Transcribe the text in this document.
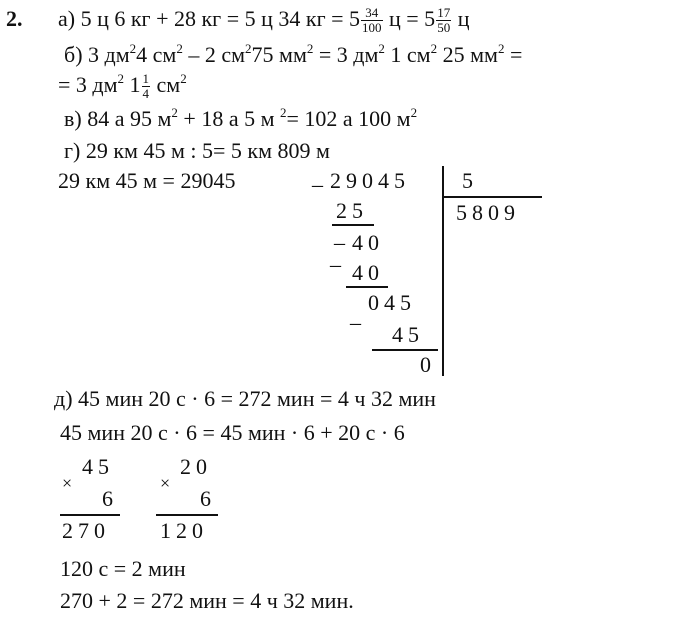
2. а) 5 ц 6 кг + 28 кг = 5 ц 34 кг = $5 \frac{34}{100}$ $ц = 5 \frac{17}{50}$ ц
б) 3 $дм^24$ $см^2 - 2$ $см^275$ $мм^2 = 3$ $дм^2$ 1 $см^2$ 25 $мм^2$ =
= 3 $дм^2$ $1 \frac{1}{4} см^2$
в) 84 а 95 $м^2 + 18$ а 5 м $^2$= 102 а 100 $м^2$
г) 29 км 45 м : 5= 5 км 809 м
29 км 45 м = 29045	_ 29045 5
5809
25
_ 40
_
40
_ 045
45
0
д) 45 мин 20 с · 6 = 272 мин = 4 ч 32 мин
45 мин 20 с · 6 = 45 мин · 6 + 20 с · 6
45
×
6
270
20
×
6
120
120 с = 2 мин
270 + 2 = 272 мин = 4 ч 32 мин.
